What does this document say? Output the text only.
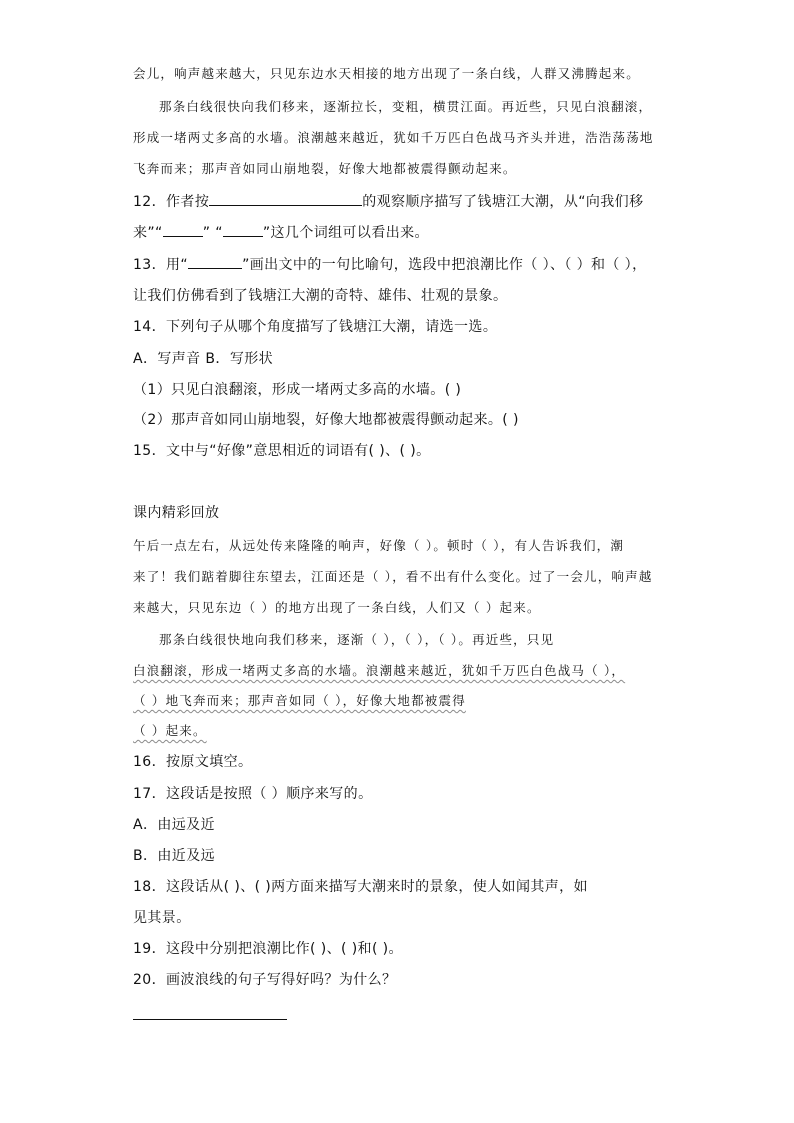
会儿，响声越来越大，只见东边水天相接的地方出现了一条白线，人群又沸腾起来。
那条白线很快向我们移来，逐渐拉长，变粗，横贯江面。再近些，只见白浪翻滚，
形成一堵两丈多高的水墙。浪潮越来越近，犹如千万匹白色战马齐头并进，浩浩荡荡地
飞奔而来；那声音如同山崩地裂，好像大地都被震得颤动起来。
12．作者按	的观察顺序描写了钱塘江大潮，从“向我们移
来”“	” “	”这几个词组可以看出来。
13．用“	”画出文中的一句比喻句，选段中把浪潮比作（ ）、（ ）和（ ），
让我们仿佛看到了钱塘江大潮的奇特、雄伟、壮观的景象。
14．下列句子从哪个角度描写了钱塘江大潮，请选一选。
A．写声音 B．写形状
（1）只见白浪翻滚，形成一堵两丈多高的水墙。( )
（2）那声音如同山崩地裂，好像大地都被震得颤动起来。( )
15．文中与“好像”意思相近的词语有( )、( )。
课内精彩回放
午后一点左右，从远处传来隆隆的响声，好像（ ）。顿时（ ），有人告诉我们，潮
来了！我们踮着脚往东望去，江面还是（ ），看不出有什么变化。过了一会儿，响声越
来越大，只见东边（ ）的地方出现了一条白线，人们又（ ）起来。
那条白线很快地向我们移来，逐渐（ ），（ ），（ ）。再近些，只见
白浪翻滚，形成一堵两丈多高的水墙。浪潮越来越近，犹如千万匹白色战马（ ），
（ ）地飞奔而来；那声音如同（ ），好像大地都被震得
（ ）起来。
16．按原文填空。
17．这段话是按照（ ）顺序来写的。
A．由远及近
B．由近及远
18．这段话从( )、( )两方面来描写大潮来时的景象，使人如闻其声，如
见其景。
19．这段中分别把浪潮比作( )、( )和( )。
20．画波浪线的句子写得好吗？为什么？
